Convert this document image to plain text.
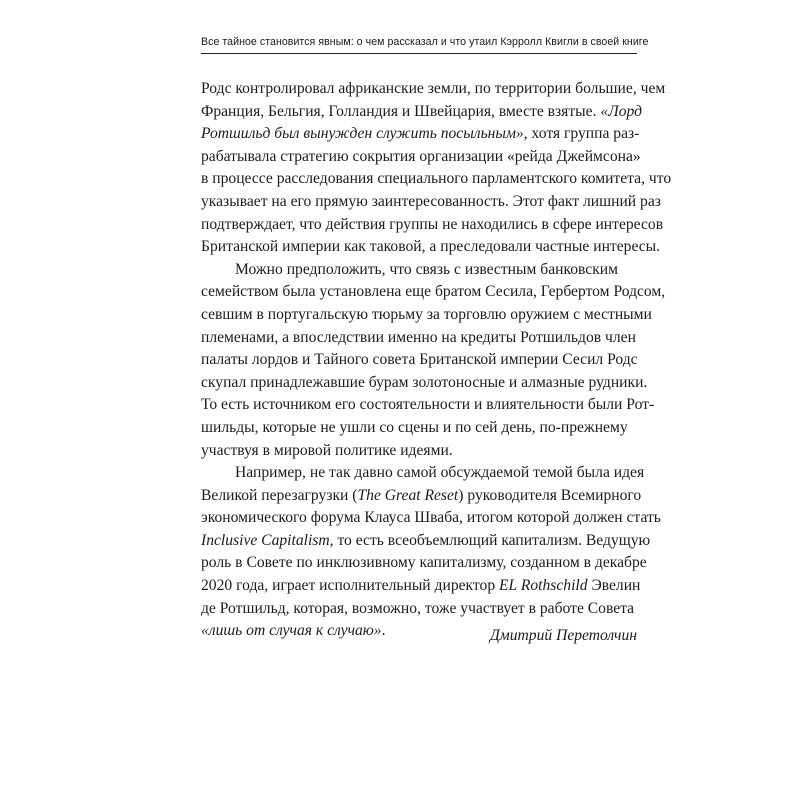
Все тайное становится явным: о чем рассказал и что утаил Кэрролл Квигли в своей книге
Родс контролировал африканские земли, по территории большие, чем
Франция, Бельгия, Голландия и Швейцария, вместе взятые. «Лорд
Ротшильд был вынужден служить посыльным», хотя группа раз-
рабатывала стратегию сокрытия организации «рейда Джеймсона»
в процессе расследования специального парламентского комитета, что
указывает на его прямую заинтересованность. Этот факт лишний раз
подтверждает, что действия группы не находились в сфере интересов
Британской империи как таковой, а преследовали частные интересы.
Можно предположить, что связь с известным банковским
семейством была установлена еще братом Сесила, Гербертом Родсом,
севшим в португальскую тюрьму за торговлю оружием с местными
племенами, а впоследствии именно на кредиты Ротшильдов член
палаты лордов и Тайного совета Британской империи Сесил Родс
скупал принадлежавшие бурам золотоносные и алмазные рудники.
То есть источником его состоятельности и влиятельности были Рот-
шильды, которые не ушли со сцены и по сей день, по-прежнему
участвуя в мировой политике идеями.
Например, не так давно самой обсуждаемой темой была идея
Великой перезагрузки (The Great Reset) руководителя Всемирного
экономического форума Клауса Шваба, итогом которой должен стать
Inclusive Capitalism, то есть всеобъемлющий капитализм. Ведущую
роль в Совете по инклюзивному капитализму, созданном в декабре
2020 года, играет исполнительный директор EL Rothschild Эвелин
де Ротшильд, которая, возможно, тоже участвует в работе Совета
«лишь от случая к случаю».	Дмитрий Перетолчин
